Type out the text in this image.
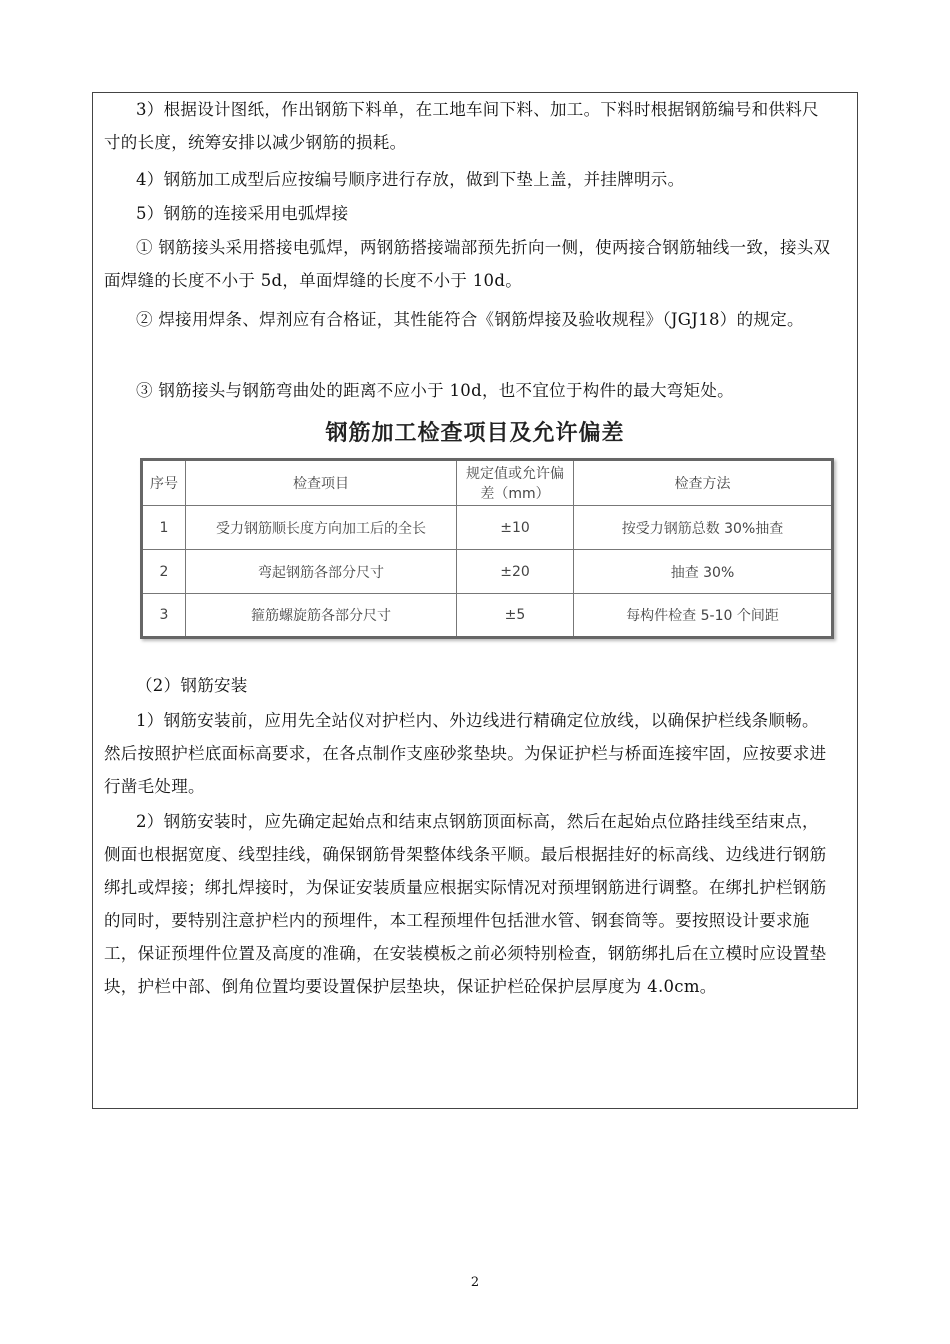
3）根据设计图纸，作出钢筋下料单，在工地车间下料、加工。下料时根据钢筋编号和供料尺寸的长度，统筹安排以减少钢筋的损耗。

4）钢筋加工成型后应按编号顺序进行存放，做到下垫上盖，并挂牌明示。

5）钢筋的连接采用电弧焊接

① 钢筋接头采用搭接电弧焊，两钢筋搭接端部预先折向一侧，使两接合钢筋轴线一致，接头双面焊缝的长度不小于 5d，单面焊缝的长度不小于 10d。

② 焊接用焊条、焊剂应有合格证，其性能符合《钢筋焊接及验收规程》（JGJ18）的规定。

③ 钢筋接头与钢筋弯曲处的距离不应小于 10d，也不宜位于构件的最大弯矩处。

钢筋加工检查项目及允许偏差
序号	检查项目	规定值或允许偏差（mm）	检查方法
1	受力钢筋顺长度方向加工后的全长	±10	按受力钢筋总数 30%抽查
2	弯起钢筋各部分尺寸	±20	抽查 30%
3	箍筋螺旋筋各部分尺寸	±5	每构件检查 5-10 个间距

（2）钢筋安装

1）钢筋安装前，应用先全站仪对护栏内、外边线进行精确定位放线，以确保护栏线条顺畅。然后按照护栏底面标高要求，在各点制作支座砂浆垫块。为保证护栏与桥面连接牢固，应按要求进行凿毛处理。

2）钢筋安装时，应先确定起始点和结束点钢筋顶面标高，然后在起始点位路挂线至结束点，侧面也根据宽度、线型挂线，确保钢筋骨架整体线条平顺。最后根据挂好的标高线、边线进行钢筋绑扎或焊接；绑扎焊接时，为保证安装质量应根据实际情况对预埋钢筋进行调整。在绑扎护栏钢筋的同时，要特别注意护栏内的预埋件，本工程预埋件包括泄水管、钢套筒等。要按照设计要求施工，保证预埋件位置及高度的准确，在安装模板之前必须特别检查，钢筋绑扎后在立模时应设置垫块，护栏中部、倒角位置均要设置保护层垫块，保证护栏砼保护层厚度为 4.0cm。

2
